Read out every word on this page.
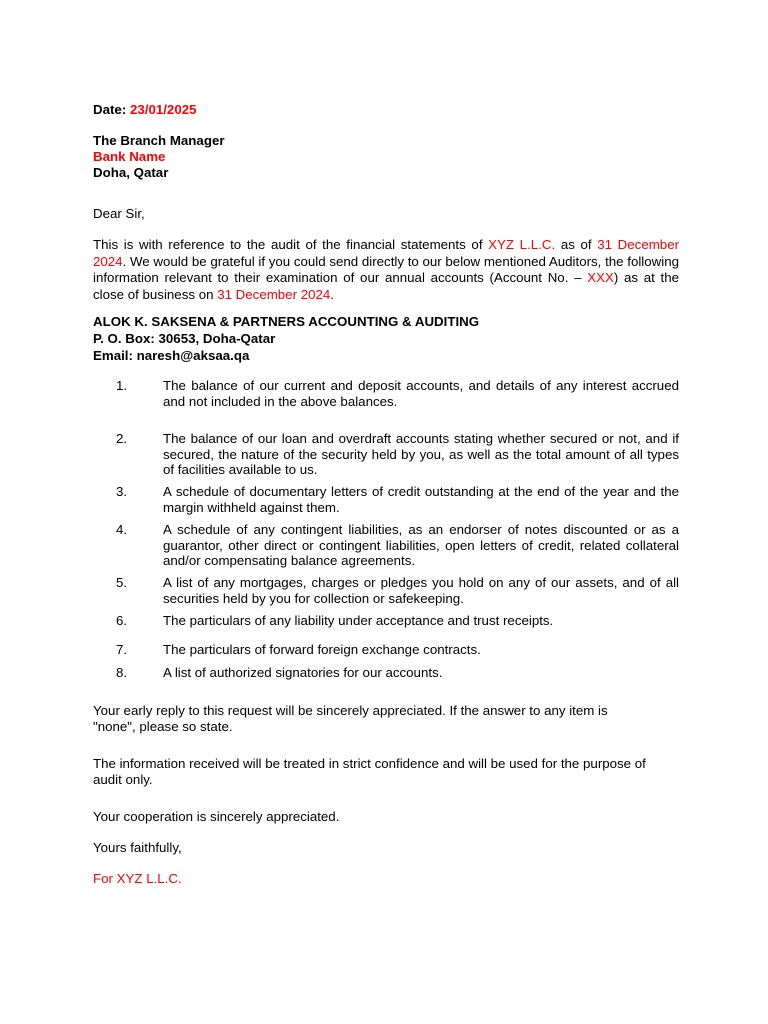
Date: 23/01/2025
The Branch Manager
Bank Name
Doha, Qatar
Dear Sir,
This is with reference to the audit of the financial statements of XYZ L.L.C. as of 31 December 2024. We would be grateful if you could send directly to our below mentioned Auditors, the following information relevant to their examination of our annual accounts (Account No. – XXX) as at the close of business on 31 December 2024.
ALOK K. SAKSENA & PARTNERS ACCOUNTING & AUDITING
P. O. Box: 30653, Doha-Qatar
Email: naresh@aksaa.qa
1.	The balance of our current and deposit accounts, and details of any interest accrued and not included in the above balances.
2.	The balance of our loan and overdraft accounts stating whether secured or not, and if secured, the nature of the security held by you, as well as the total amount of all types of facilities available to us.
3.	A schedule of documentary letters of credit outstanding at the end of the year and the margin withheld against them.
4.	A schedule of any contingent liabilities, as an endorser of notes discounted or as a guarantor, other direct or contingent liabilities, open letters of credit, related collateral and/or compensating balance agreements.
5.	A list of any mortgages, charges or pledges you hold on any of our assets, and of all securities held by you for collection or safekeeping.
6.	The particulars of any liability under acceptance and trust receipts.
7.	The particulars of forward foreign exchange contracts.
8.	A list of authorized signatories for our accounts.
Your early reply to this request will be sincerely appreciated. If the answer to any item is "none", please so state.
The information received will be treated in strict confidence and will be used for the purpose of audit only.
Your cooperation is sincerely appreciated.
Yours faithfully,
For XYZ L.L.C.
